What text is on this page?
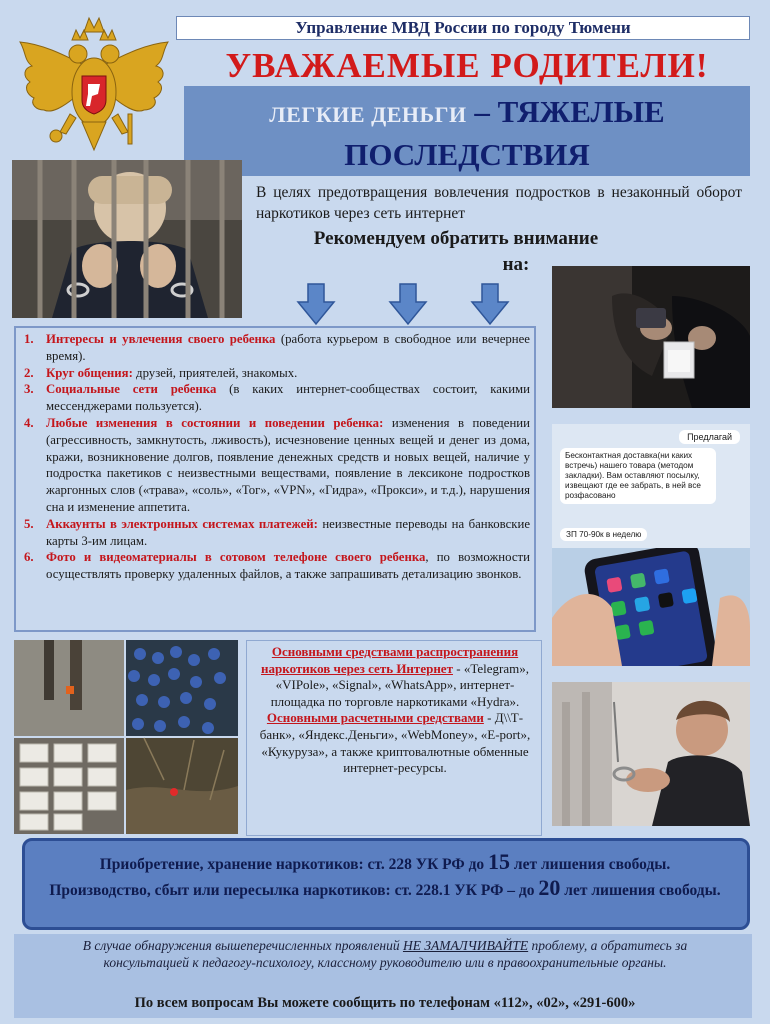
Управление МВД России по городу Тюмени
УВАЖАЕМЫЕ РОДИТЕЛИ!
ЛЕГКИЕ ДЕНЬГИ – ТЯЖЕЛЫЕ
ПОСЛЕДСТВИЯ
В целях предотвращения вовлечения подростков в незаконный оборот наркотиков через сеть интернет
Рекомендуем обратить внимание
на:
Предлагай
Бесконтактная доставка(ни каких встречь) нашего товара (методом закладки). Вам оставляют посылку, извещают где ее забрать, в ней все розфасовано
ЗП 70-90к в неделю
1. Интересы и увлечения своего ребенка (работа курьером в свободное или вечернее время).
2. Круг общения: друзей, приятелей, знакомых.
3. Социальные сети ребенка (в каких интернет-сообществах состоит, какими мессенджерами пользуется).
4. Любые изменения в состоянии и поведении ребенка: изменения в поведении (агрессивность, замкнутость, лживость), исчезновение ценных вещей и денег из дома, кражи, возникновение долгов, появление денежных средств и новых вещей, наличие у подростка пакетиков с неизвестными веществами, появление в лексиконе подростков жаргонных слов («трава», «соль», «Тог», «VPN», «Гидра», «Прокси», и т.д.), нарушения сна и изменение аппетита.
5. Аккаунты в электронных системах платежей: неизвестные переводы на банковские карты 3-им лицам.
6. Фото и видеоматериалы в сотовом телефоне своего ребенка, по возможности осуществлять проверку удаленных файлов, а также запрашивать детализацию звонков.
Основными средствами распространения наркотиков через сеть Интернет - «Telegram», «VIPole», «Signal», «WhatsApp», интернет-площадка по торговле наркотиками «Hydra». Основными расчетными средствами - Д\\Т-банк», «Яндекс.Деньги», «WebMoney», «E-port», «Кукуруза», а также криптовалютные обменные интернет-ресурсы.
Приобретение, хранение наркотиков: ст. 228 УК РФ до 15 лет лишения свободы.
Производство, сбыт или пересылка наркотиков: ст. 228.1 УК РФ – до 20 лет лишения свободы.
В случае обнаружения вышеперечисленных проявлений НЕ ЗАМАЛЧИВАЙТЕ проблему, а обратитесь за консультацией к педагогу-психологу, классному руководителю или в правоохранительные органы.
По всем вопросам Вы можете сообщить по телефонам «112», «02», «291-600»
